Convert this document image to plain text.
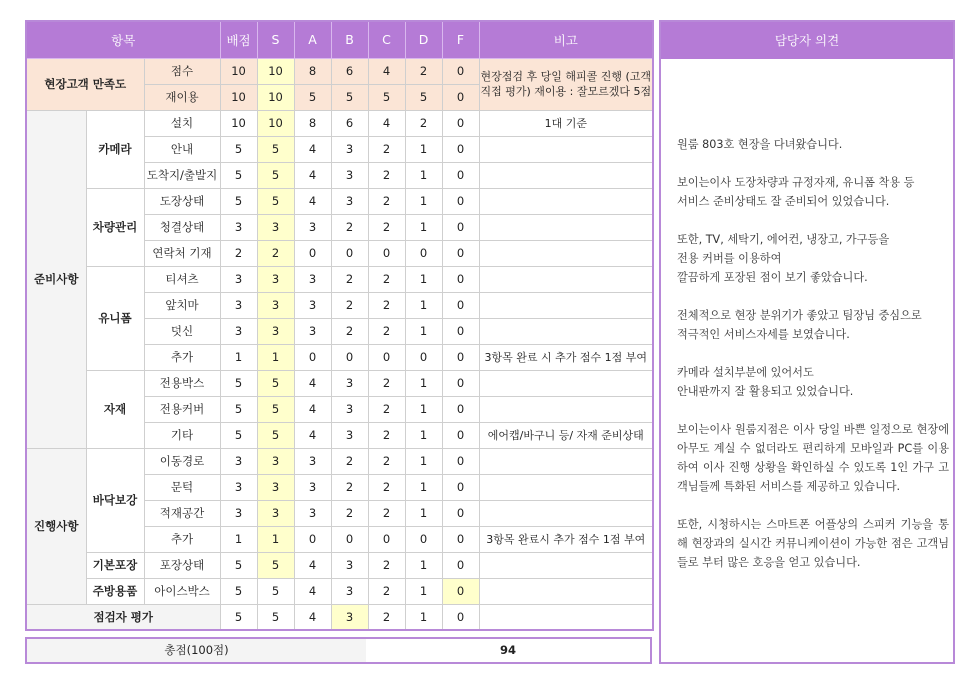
항목			배점	S	A	B	C	D	F	비고
현장고객 만족도		점수	10	10	8	6	4	2	0	현장점검 후 당일 해피콜 진행 (고객 직접 평가) 재이용 : 잘모르겠다 5점
		재이용	10	10	5	5	5	5	0	
준비사항	카메라	설치	10	10	8	6	4	2	0	1대 기준
		안내	5	5	4	3	2	1	0	
		도착지/출발지	5	5	4	3	2	1	0	
	차량관리	도장상태	5	5	4	3	2	1	0	
		청결상태	3	3	3	2	2	1	0	
		연락처 기재	2	2	0	0	0	0	0	
	유니폼	티셔츠	3	3	3	2	2	1	0	
		앞치마	3	3	3	2	2	1	0	
		덧신	3	3	3	2	2	1	0	
		추가	1	1	0	0	0	0	0	3항목 완료 시 추가 점수 1점 부여
	자재	전용박스	5	5	4	3	2	1	0	
		전용커버	5	5	4	3	2	1	0	
		기타	5	5	4	3	2	1	0	에어캡/바구니 등/ 자재 준비상태
진행사항	바닥보강	이동경로	3	3	3	2	2	1	0	
		문턱	3	3	3	2	2	1	0	
		적재공간	3	3	3	2	2	1	0	
		추가	1	1	0	0	0	0	0	3항목 완료시 추가 점수 1점 부여
	기본포장	포장상태	5	5	4	3	2	1	0	
	주방용품	아이스박스	5	5	4	3	2	1	0	
점검자 평가			5	5	4	3	2	1	0	
총점(100점)	94
담당자 의견

원룸 803호 현장을 다녀왔습니다.

보이는이사 도장차량과 규정자재, 유니폼 착용 등
서비스 준비상태도 잘 준비되어 있었습니다.

또한, TV, 세탁기, 에어컨, 냉장고, 가구등을
전용 커버를 이용하여
깔끔하게 포장된 점이 보기 좋았습니다.

전체적으로 현장 분위기가 좋았고 팀장님 중심으로
적극적인 서비스자세를 보였습니다.

카메라 설치부분에 있어서도
안내판까지 잘 활용되고 있었습니다.

보이는이사 원룸지점은 이사 당일 바쁜 일정으로 현장에 아무도 계실 수 없더라도 편리하게 모바일과 PC를 이용하여 이사 진행 상황을 확인하실 수 있도록 1인 가구 고객님들께 특화된 서비스를 제공하고 있습니다.

또한, 시청하시는 스마트폰 어플상의 스피커 기능을 통해 현장과의 실시간 커뮤니케이션이 가능한 점은 고객님들로 부터 많은 호응을 얻고 있습니다.
